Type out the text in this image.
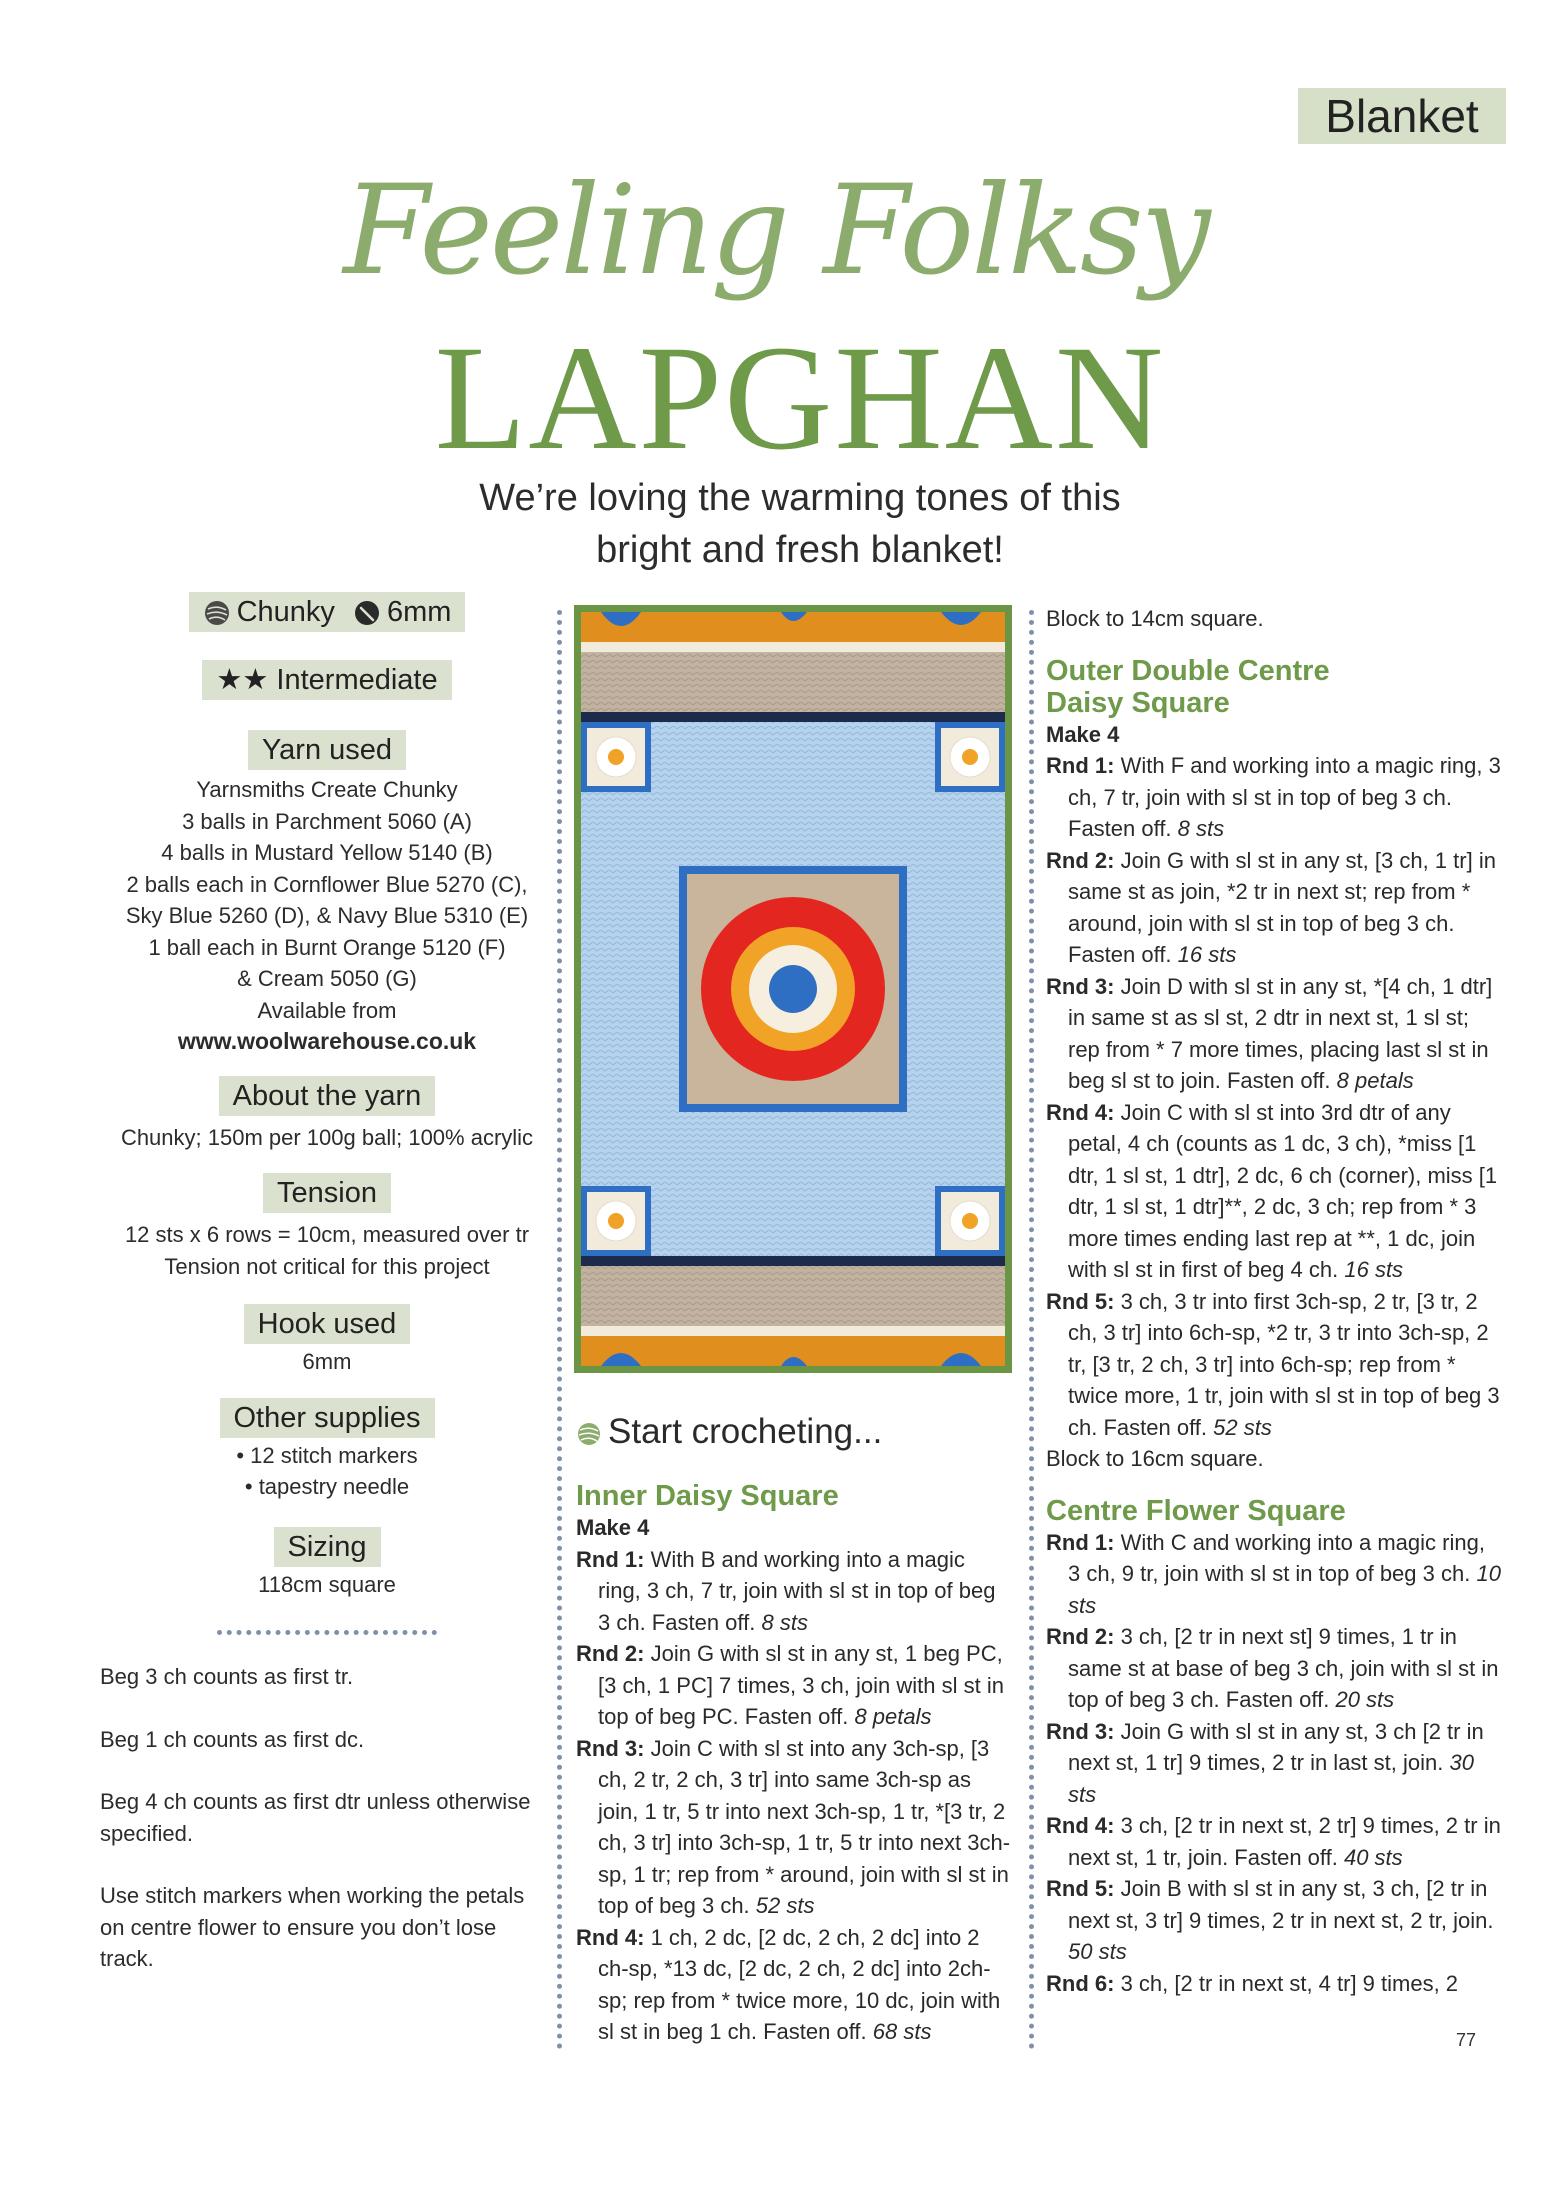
Blanket
Feeling Folksy
LAPGHAN
We’re loving the warming tones of this
bright and fresh blanket!
Chunky 6mm
★★ Intermediate
Yarn used
Yarnsmiths Create Chunky
3 balls in Parchment 5060 (A)
4 balls in Mustard Yellow 5140 (B)
2 balls each in Cornflower Blue 5270 (C),
Sky Blue 5260 (D), & Navy Blue 5310 (E)
1 ball each in Burnt Orange 5120 (F)
& Cream 5050 (G)
Available from
www.woolwarehouse.co.uk
About the yarn
Chunky; 150m per 100g ball; 100% acrylic
Tension
12 sts x 6 rows = 10cm, measured over tr
Tension not critical for this project
Hook used
6mm
Other supplies
• 12 stitch markers
• tapestry needle
Sizing
118cm square

Beg 3 ch counts as first tr.

Beg 1 ch counts as first dc.

Beg 4 ch counts as first dtr unless otherwise specified.

Use stitch markers when working the petals on centre flower to ensure you don’t lose track.

Start crocheting...
Inner Daisy Square
Make 4

Rnd 1: With B and working into a magic ring, 3 ch, 7 tr, join with sl st in top of beg 3 ch. Fasten off. 8 sts

Rnd 2: Join G with sl st in any st, 1 beg PC, [3 ch, 1 PC] 7 times, 3 ch, join with sl st in top of beg PC. Fasten off. 8 petals

Rnd 3: Join C with sl st into any 3ch-sp, [3 ch, 2 tr, 2 ch, 3 tr] into same 3ch-sp as join, 1 tr, 5 tr into next 3ch-sp, 1 tr, *[3 tr, 2 ch, 3 tr] into 3ch-sp, 1 tr, 5 tr into next 3ch-sp, 1 tr; rep from * around, join with sl st in top of beg 3 ch. 52 sts

Rnd 4: 1 ch, 2 dc, [2 dc, 2 ch, 2 dc] into 2 ch-sp, *13 dc, [2 dc, 2 ch, 2 dc] into 2ch-sp; rep from * twice more, 10 dc, join with sl st in beg 1 ch. Fasten off. 68 sts

Block to 14cm square.
Outer Double Centre
Daisy Square
Make 4

Rnd 1: With F and working into a magic ring, 3 ch, 7 tr, join with sl st in top of beg 3 ch. Fasten off. 8 sts

Rnd 2: Join G with sl st in any st, [3 ch, 1 tr] in same st as join, *2 tr in next st; rep from * around, join with sl st in top of beg 3 ch. Fasten off. 16 sts

Rnd 3: Join D with sl st in any st, *[4 ch, 1 dtr] in same st as sl st, 2 dtr in next st, 1 sl st; rep from * 7 more times, placing last sl st in beg sl st to join. Fasten off. 8 petals

Rnd 4: Join C with sl st into 3rd dtr of any petal, 4 ch (counts as 1 dc, 3 ch), *miss [1 dtr, 1 sl st, 1 dtr], 2 dc, 6 ch (corner), miss [1 dtr, 1 sl st, 1 dtr]**, 2 dc, 3 ch; rep from * 3 more times ending last rep at **, 1 dc, join with sl st in first of beg 4 ch. 16 sts

Rnd 5: 3 ch, 3 tr into first 3ch-sp, 2 tr, [3 tr, 2 ch, 3 tr] into 6ch-sp, *2 tr, 3 tr into 3ch-sp, 2 tr, [3 tr, 2 ch, 3 tr] into 6ch-sp; rep from * twice more, 1 tr, join with sl st in top of beg 3 ch. Fasten off. 52 sts

Block to 16cm square.
Centre Flower Square

Rnd 1: With C and working into a magic ring, 3 ch, 9 tr, join with sl st in top of beg 3 ch. 10 sts

Rnd 2: 3 ch, [2 tr in next st] 9 times, 1 tr in same st at base of beg 3 ch, join with sl st in top of beg 3 ch. Fasten off. 20 sts

Rnd 3: Join G with sl st in any st, 3 ch [2 tr in next st, 1 tr] 9 times, 2 tr in last st, join. 30 sts

Rnd 4: 3 ch, [2 tr in next st, 2 tr] 9 times, 2 tr in next st, 1 tr, join. Fasten off. 40 sts

Rnd 5: Join B with sl st in any st, 3 ch, [2 tr in next st, 3 tr] 9 times, 2 tr in next st, 2 tr, join. 50 sts

Rnd 6: 3 ch, [2 tr in next st, 4 tr] 9 times, 2

77
